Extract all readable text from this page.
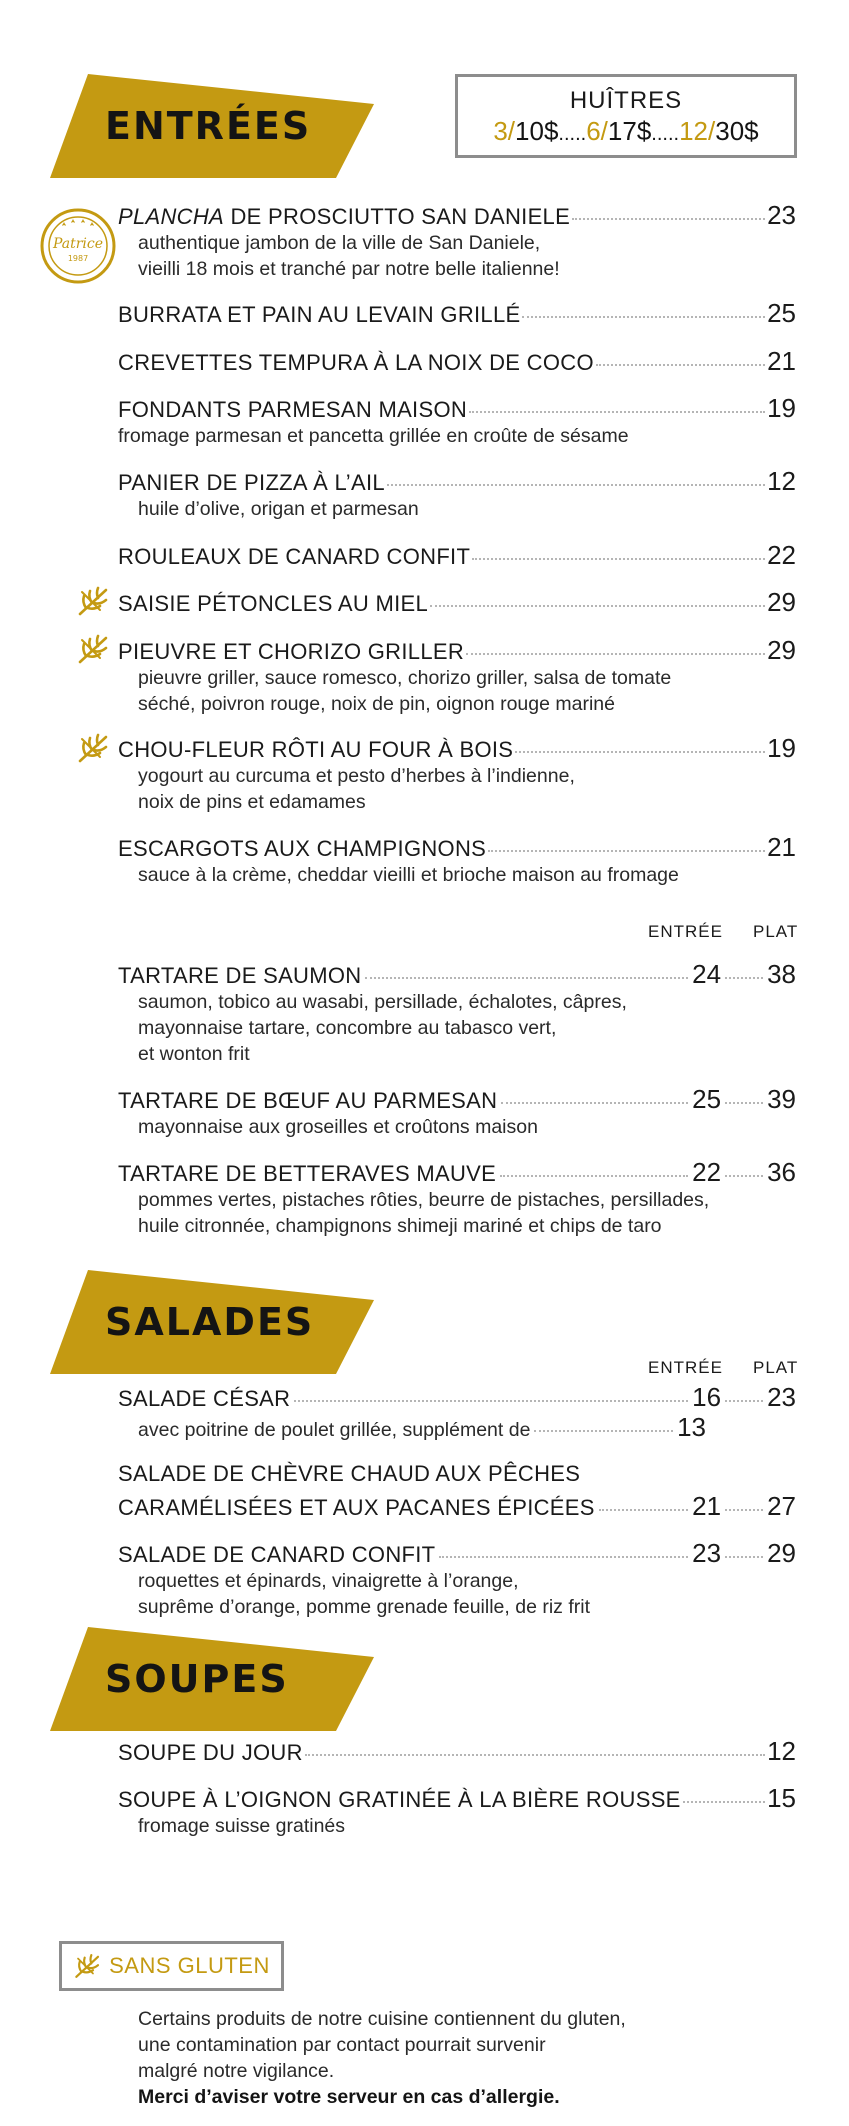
Patrice
1987
ENTRÉES
HUÎTRES
3/10$.....6/17$.....12/30$
PLANCHA DE PROSCIUTTO SAN DANIELE	23
authentique jambon de la ville de San Daniele,
vieilli 18 mois et tranché par notre belle italienne!
BURRATA ET PAIN AU LEVAIN GRILLÉ	25
CREVETTES TEMPURA À LA NOIX DE COCO	21
FONDANTS PARMESAN MAISON	19
fromage parmesan et pancetta grillée en croûte de sésame
PANIER DE PIZZA À L’AIL	12
huile d’olive, origan et parmesan
ROULEAUX DE CANARD CONFIT	22
SAISIE PÉTONCLES AU MIEL	29
PIEUVRE ET CHORIZO GRILLER	29
pieuvre griller, sauce romesco, chorizo griller, salsa de tomate
séché, poivron rouge, noix de pin, oignon rouge mariné
CHOU-FLEUR RÔTI AU FOUR À BOIS	19
yogourt au curcuma et pesto d’herbes à l’indienne,
noix de pins et edamames
ESCARGOTS AUX CHAMPIGNONS	21
sauce à la crème, cheddar vieilli et brioche maison au fromage
ENTRÉE PLAT
TARTARE DE SAUMON	24 38
saumon, tobico au wasabi, persillade, échalotes, câpres,
mayonnaise tartare, concombre au tabasco vert,
et wonton frit
TARTARE DE BŒUF AU PARMESAN	25 39
mayonnaise aux groseilles et croûtons maison
TARTARE DE BETTERAVES MAUVE	22 36
pommes vertes, pistaches rôties, beurre de pistaches, persillades,
huile citronnée, champignons shimeji mariné et chips de taro
SALADES
ENTRÉE PLAT
SALADE CÉSAR	16 23
avec poitrine de poulet grillée, supplément de	13
SALADE DE CHÈVRE CHAUD AUX PÊCHES
CARAMÉLISÉES ET AUX PACANES ÉPICÉES	21 27
SALADE DE CANARD CONFIT	23 29
roquettes et épinards, vinaigrette à l’orange,
suprême d’orange, pomme grenade feuille, de riz frit
SOUPES
SOUPE DU JOUR	12
SOUPE À L’OIGNON GRATINÉE À LA BIÈRE ROUSSE	15
fromage suisse gratinés
SANS GLUTEN
Certains produits de notre cuisine contiennent du gluten,
une contamination par contact pourrait survenir
malgré notre vigilance.
Merci d’aviser votre serveur en cas d’allergie.
